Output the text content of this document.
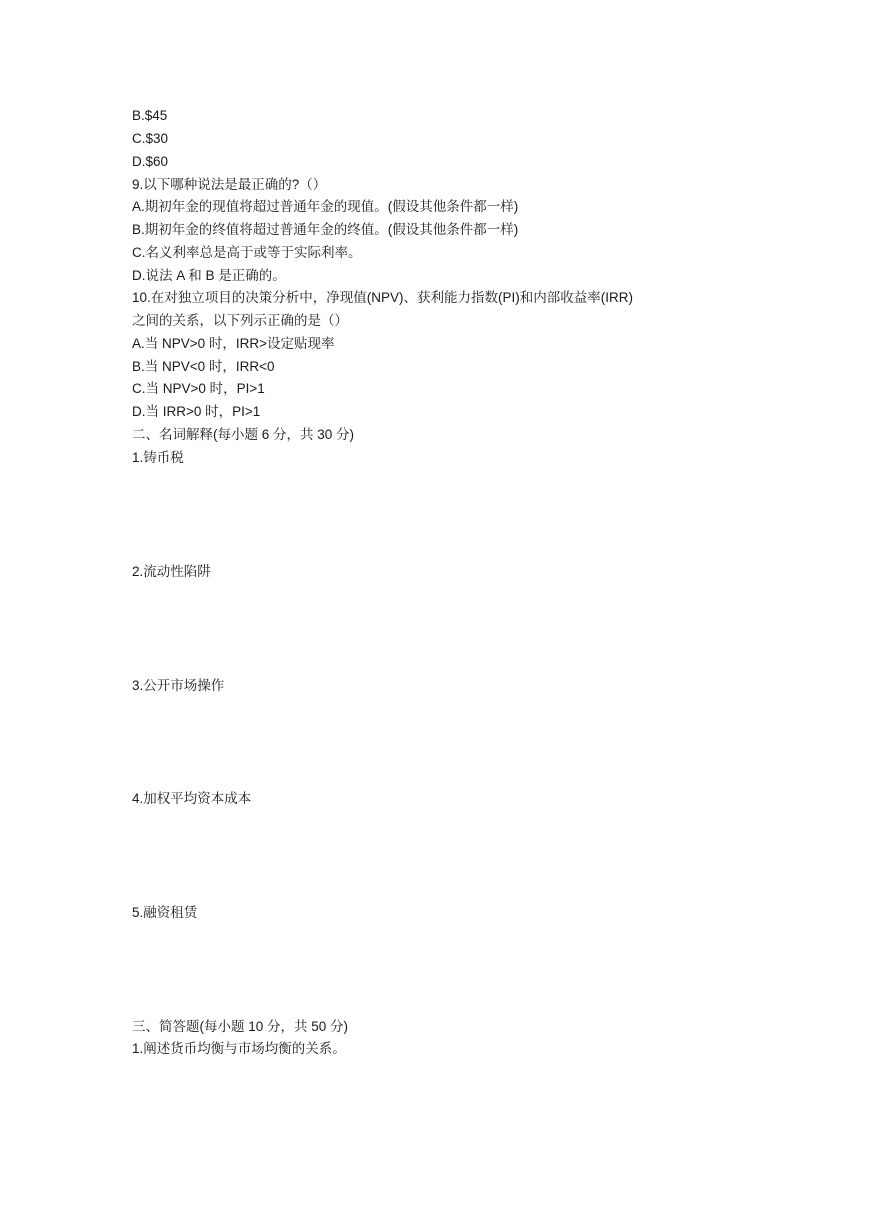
B.$45
C.$30
D.$60
9.以下哪种说法是最正确的?（）
A.期初年金的现值将超过普通年金的现值。(假设其他条件都一样)
B.期初年金的终值将超过普通年金的终值。(假设其他条件都一样)
C.名义利率总是高于或等于实际利率。
D.说法 A 和 B 是正确的。
10.在对独立项目的决策分析中，净现值(NPV)、获利能力指数(PI)和内部收益率(IRR)
之间的关系，以下列示正确的是（）
A.当 NPV>0 时，IRR>设定贴现率
B.当 NPV<0 时，IRR<0
C.当 NPV>0 时，PI>1
D.当 IRR>0 时，PI>1
二、名词解释(每小题 6 分，共 30 分)
1.铸币税
2.流动性陷阱
3.公开市场操作
4.加权平均资本成本
5.融资租赁
三、简答题(每小题 10 分，共 50 分)
1.阐述货币均衡与市场均衡的关系。
